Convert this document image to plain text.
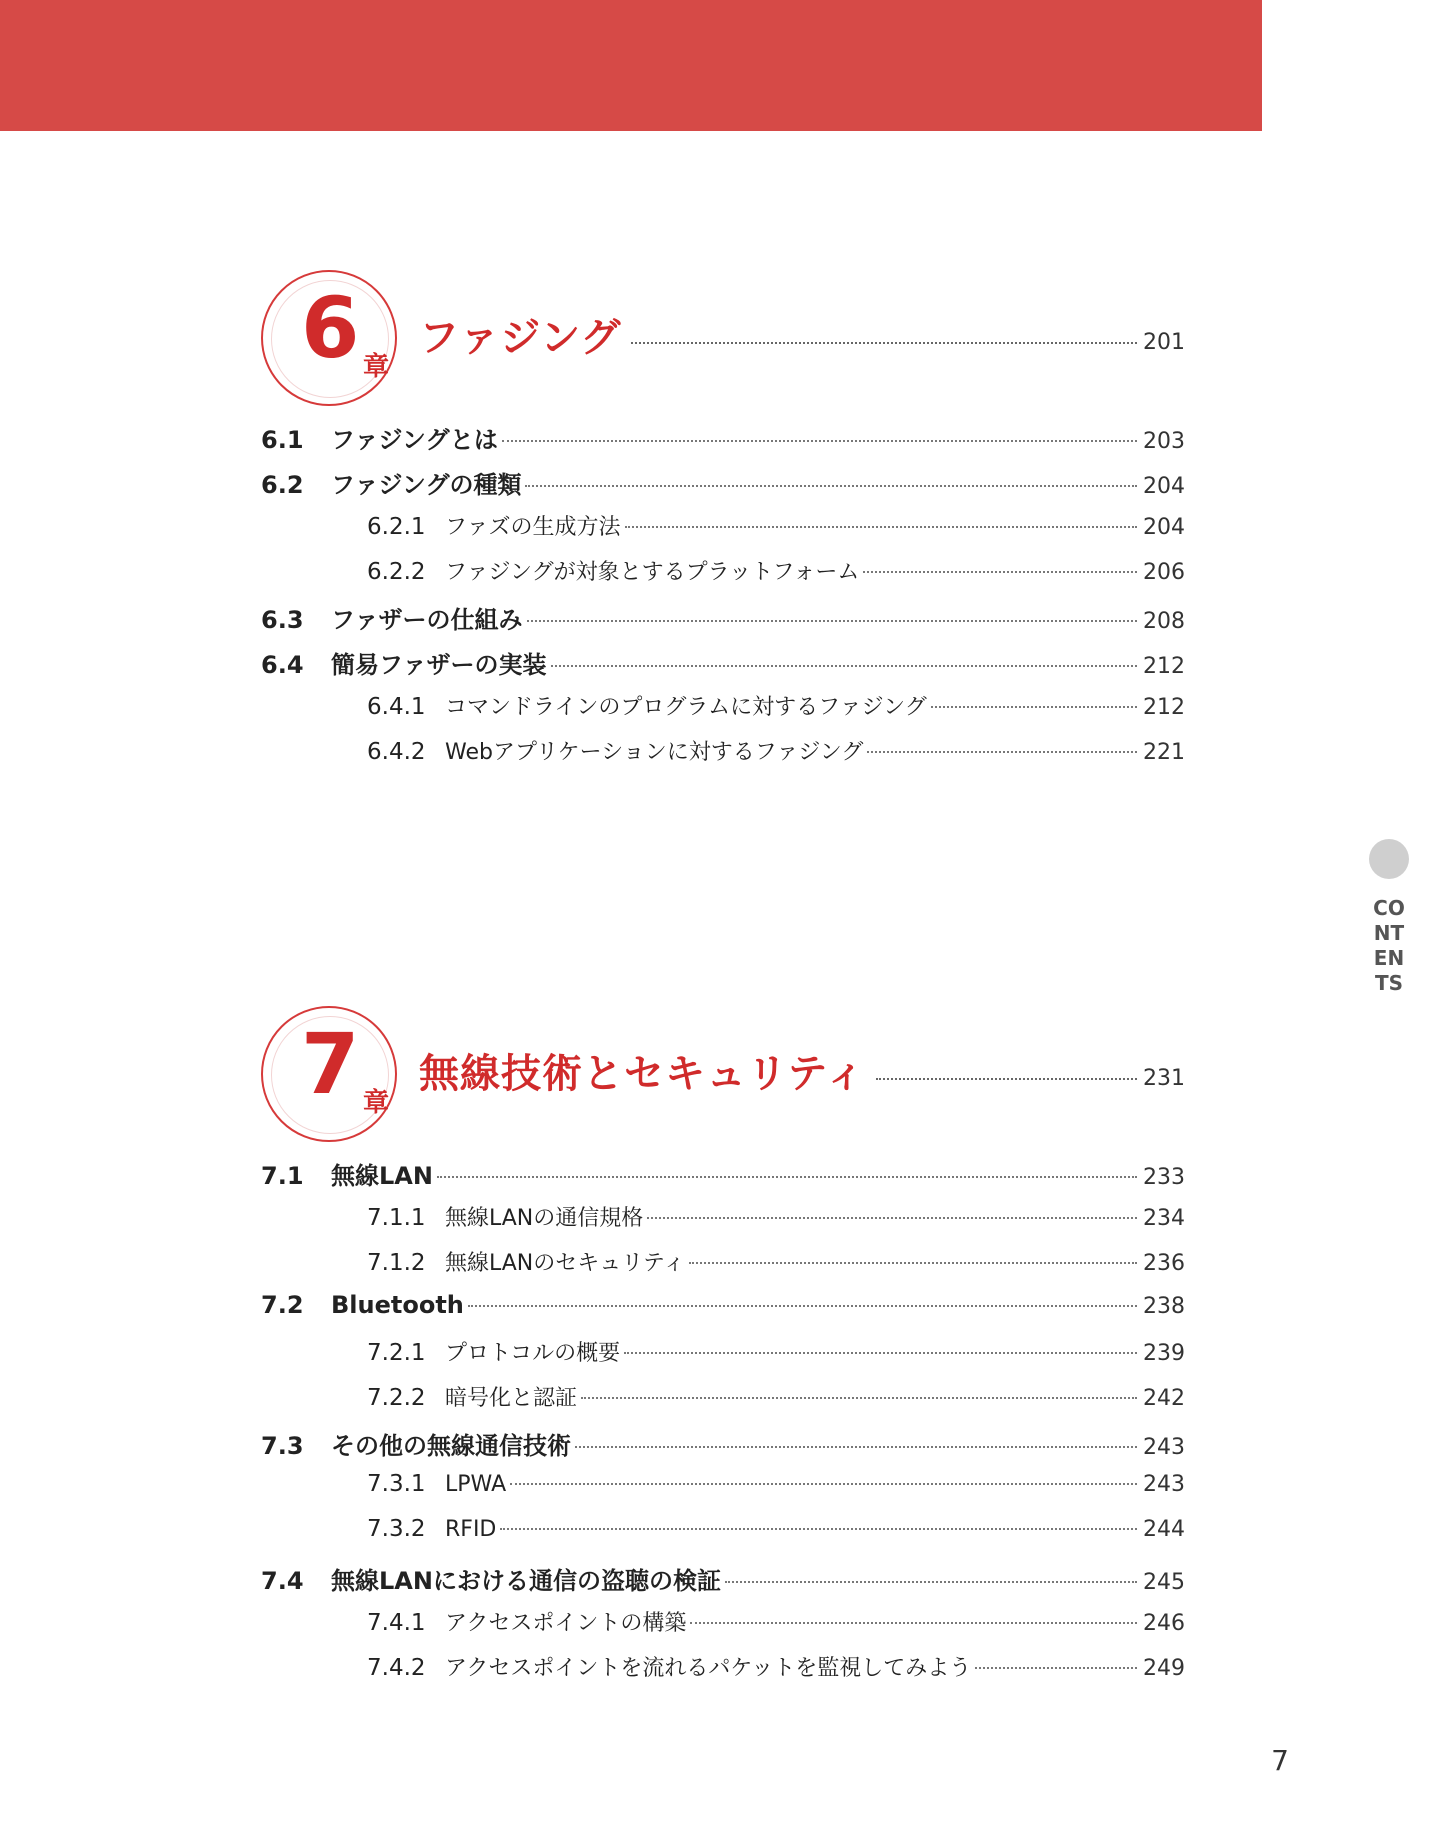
6 章
ファジング	201
6.1	ファジングとは	203
6.2	ファジングの種類	204
6.2.1 ファズの生成方法	204
6.2.2 ファジングが対象とするプラットフォーム	206
6.3	ファザーの仕組み	208
6.4	簡易ファザーの実装	212
6.4.1 コマンドラインのプログラムに対するファジング	212
6.4.2 Webアプリケーションに対するファジング	221
7 章
無線技術とセキュリティ	231
7.1	無線LAN	233
7.1.1 無線LANの通信規格	234
7.1.2 無線LANのセキュリティ	236
7.2	Bluetooth	238
7.2.1 プロトコルの概要	239
7.2.2 暗号化と認証	242
7.3	その他の無線通信技術	243
7.3.1 LPWA	243
7.3.2 RFID	244
7.4	無線LANにおける通信の盗聴の検証	245
7.4.1 アクセスポイントの構築	246
7.4.2 アクセスポイントを流れるパケットを監視してみよう	249
CONTENTS
7
